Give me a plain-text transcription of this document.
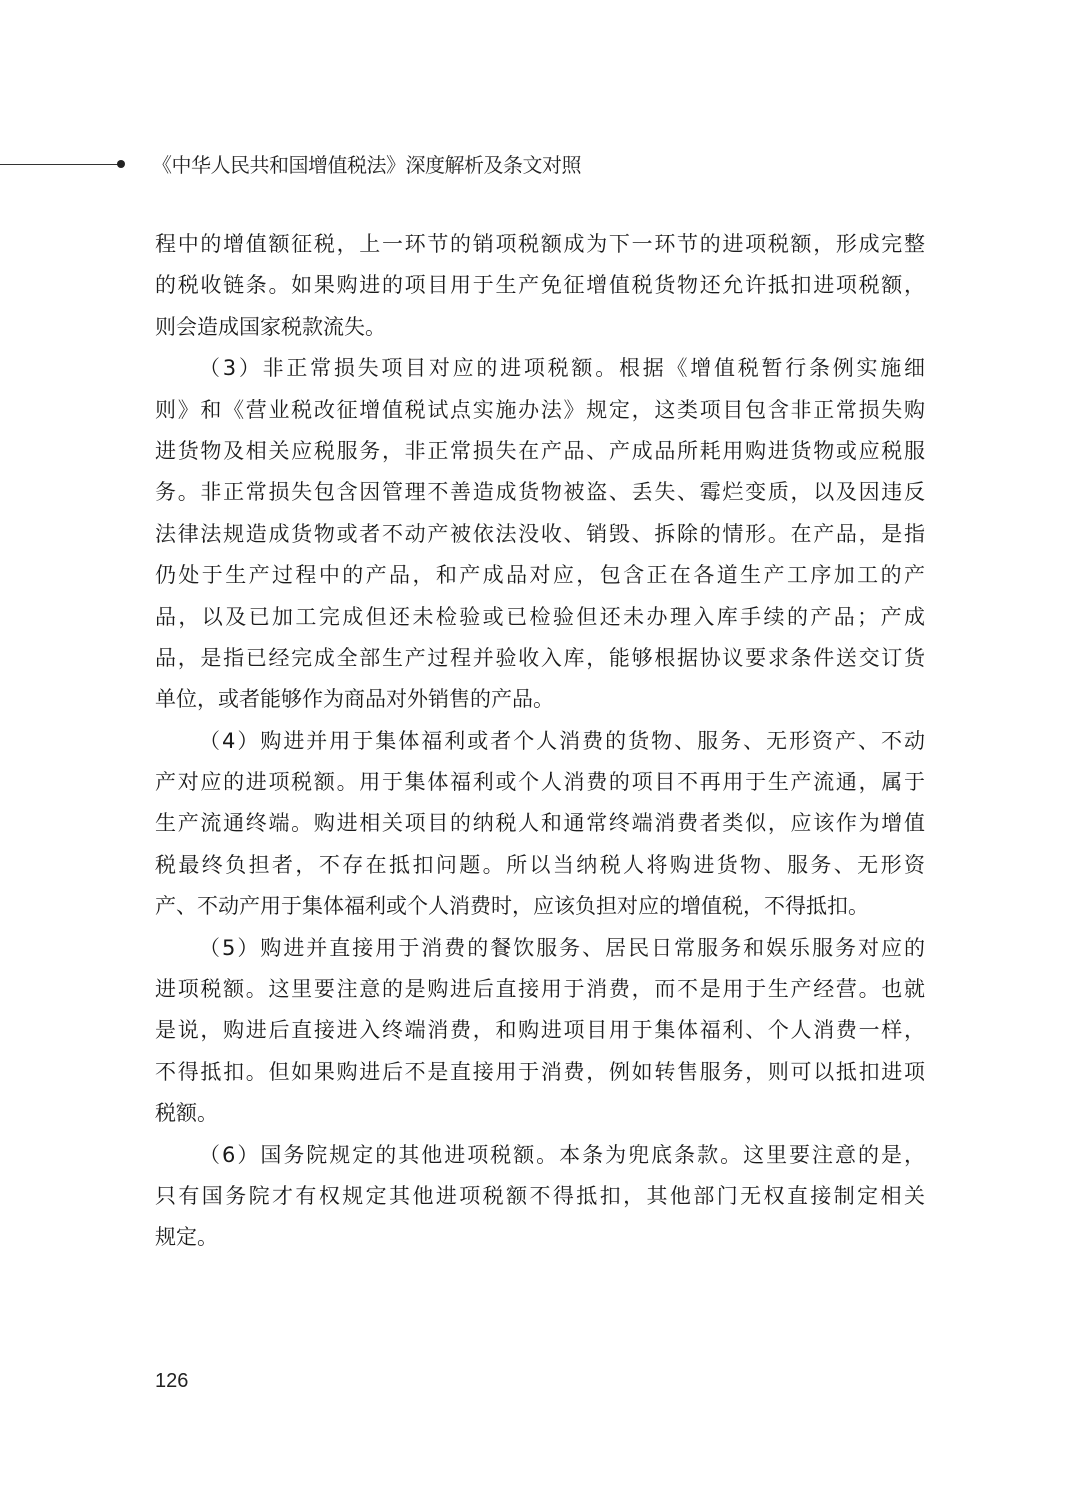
《中华人民共和国增值税法》深度解析及条文对照
程中的增值额征税，上一环节的销项税额成为下一环节的进项税额，形成完整
的税收链条。如果购进的项目用于生产免征增值税货物还允许抵扣进项税额，
则会造成国家税款流失。
（3）非正常损失项目对应的进项税额。根据《增值税暂行条例实施细
则》和《营业税改征增值税试点实施办法》规定，这类项目包含非正常损失购
进货物及相关应税服务，非正常损失在产品、产成品所耗用购进货物或应税服
务。非正常损失包含因管理不善造成货物被盗、丢失、霉烂变质，以及因违反
法律法规造成货物或者不动产被依法没收、销毁、拆除的情形。在产品，是指
仍处于生产过程中的产品，和产成品对应，包含正在各道生产工序加工的产
品，以及已加工完成但还未检验或已检验但还未办理入库手续的产品；产成
品，是指已经完成全部生产过程并验收入库，能够根据协议要求条件送交订货
单位，或者能够作为商品对外销售的产品。
（4）购进并用于集体福利或者个人消费的货物、服务、无形资产、不动
产对应的进项税额。用于集体福利或个人消费的项目不再用于生产流通，属于
生产流通终端。购进相关项目的纳税人和通常终端消费者类似，应该作为增值
税最终负担者，不存在抵扣问题。所以当纳税人将购进货物、服务、无形资
产、不动产用于集体福利或个人消费时，应该负担对应的增值税，不得抵扣。
（5）购进并直接用于消费的餐饮服务、居民日常服务和娱乐服务对应的
进项税额。这里要注意的是购进后直接用于消费，而不是用于生产经营。也就
是说，购进后直接进入终端消费，和购进项目用于集体福利、个人消费一样，
不得抵扣。但如果购进后不是直接用于消费，例如转售服务，则可以抵扣进项
税额。
（6）国务院规定的其他进项税额。本条为兜底条款。这里要注意的是，
只有国务院才有权规定其他进项税额不得抵扣，其他部门无权直接制定相关
规定。
126
